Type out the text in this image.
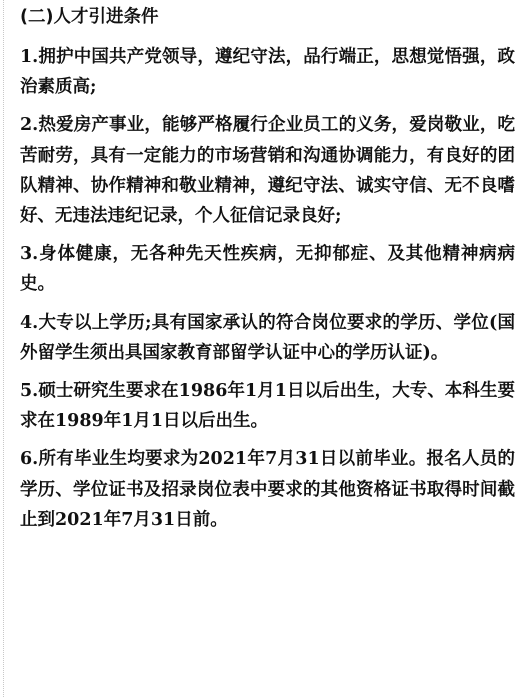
(二)人才引进条件
1.拥护中国共产党领导，遵纪守法，品行端正，思想觉悟强，政治素质高;
2.热爱房产事业，能够严格履行企业员工的义务，爱岗敬业，吃苦耐劳，具有一定能力的市场营销和沟通协调能力，有良好的团队精神、协作精神和敬业精神，遵纪守法、诚实守信、无不良嗜好、无违法违纪记录，个人征信记录良好;
3.身体健康，无各种先天性疾病，无抑郁症、及其他精神病病史。
4.大专以上学历;具有国家承认的符合岗位要求的学历、学位(国外留学生须出具国家教育部留学认证中心的学历认证)。
5.硕士研究生要求在1986年1月1日以后出生，大专、本科生要求在1989年1月1日以后出生。
6.所有毕业生均要求为2021年7月31日以前毕业。报名人员的学历、学位证书及招录岗位表中要求的其他资格证书取得时间截止到2021年7月31日前。
